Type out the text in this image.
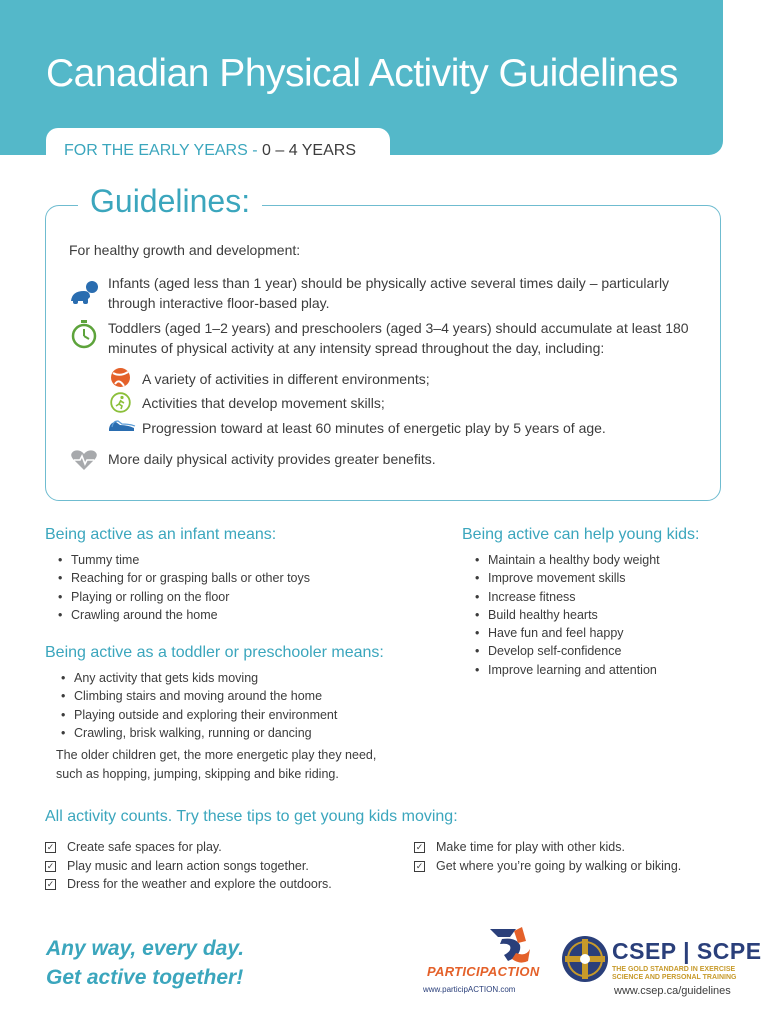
Canadian Physical Activity Guidelines
FOR THE EARLY YEARS - 0 – 4 YEARS
Guidelines:
For healthy growth and development:
Infants (aged less than 1 year) should be physically active several times daily – particularly through interactive floor-based play.
Toddlers (aged 1–2 years) and preschoolers (aged 3–4 years) should accumulate at least 180 minutes of physical activity at any intensity spread throughout the day, including:
A variety of activities in different environments;
Activities that develop movement skills;
Progression toward at least 60 minutes of energetic play by 5 years of age.
More daily physical activity provides greater benefits.
Being active as an infant means:
• Tummy time
• Reaching for or grasping balls or other toys
• Playing or rolling on the floor
• Crawling around the home
Being active as a toddler or preschooler means:
• Any activity that gets kids moving
• Climbing stairs and moving around the home
• Playing outside and exploring their environment
• Crawling, brisk walking, running or dancing
The older children get, the more energetic play they need, such as hopping, jumping, skipping and bike riding.
Being active can help young kids:
• Maintain a healthy body weight
• Improve movement skills
• Increase fitness
• Build healthy hearts
• Have fun and feel happy
• Develop self-confidence
• Improve learning and attention
All activity counts. Try these tips to get young kids moving:
✓ Create safe spaces for play.
✓ Play music and learn action songs together.
✓ Dress for the weather and explore the outdoors.
✓ Make time for play with other kids.
✓ Get where you’re going by walking or biking.
Any way, every day.
Get active together!	PARTICIPACTION
www.participACTION.com
CSEP | SCPE
THE GOLD STANDARD IN EXERCISE SCIENCE AND PERSONAL TRAINING
www.csep.ca/guidelines
